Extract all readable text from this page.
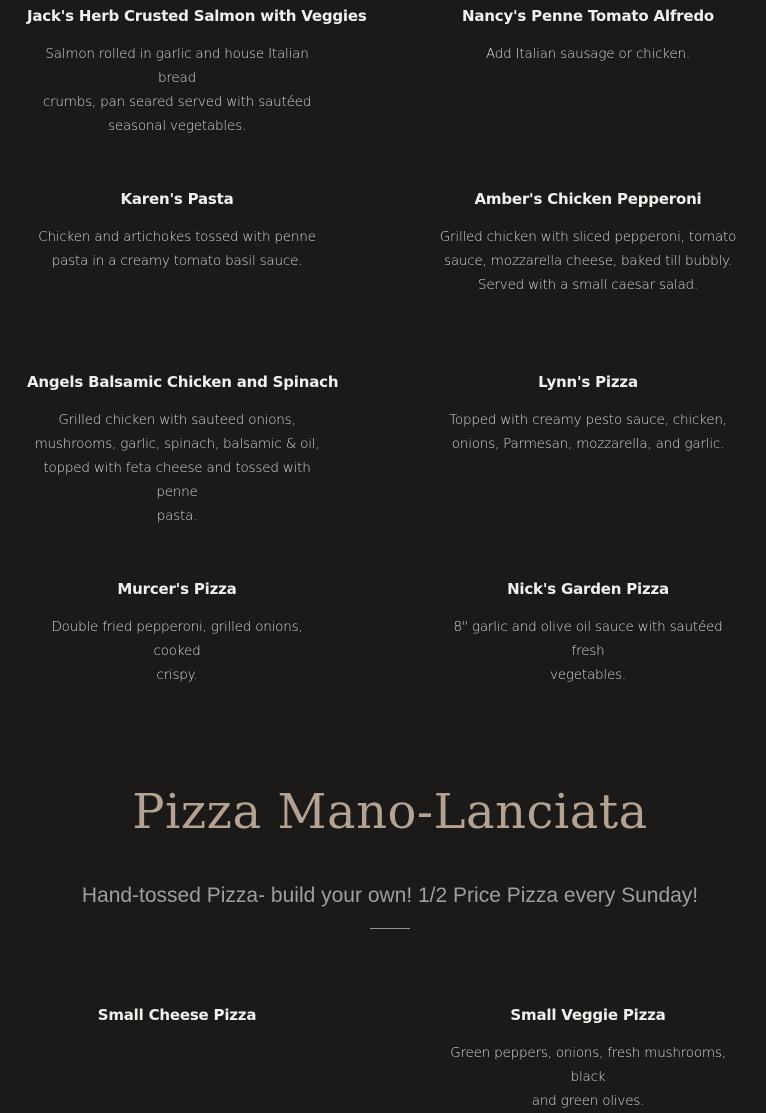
Jack's Herb Crusted Salmon with Veggies

Salmon rolled in garlic and house Italian bread
crumbs, pan seared served with sautéed
seasonal vegetables.

Nancy's Penne Tomato Alfredo

Add Italian sausage or chicken.

Karen's Pasta

Chicken and artichokes tossed with penne
pasta in a creamy tomato basil sauce.

Amber's Chicken Pepperoni

Grilled chicken with sliced pepperoni, tomato
sauce, mozzarella cheese, baked till bubbly.
Served with a small caesar salad.

Angels Balsamic Chicken and Spinach

Grilled chicken with sauteed onions,
mushrooms, garlic, spinach, balsamic & oil,
topped with feta cheese and tossed with penne
pasta.

Lynn's Pizza

Topped with creamy pesto sauce, chicken,
onions, Parmesan, mozzarella, and garlic.

Murcer's Pizza

Double fried pepperoni, grilled onions, cooked
crispy.

Nick's Garden Pizza

8" garlic and olive oil sauce with sautéed fresh
vegetables.

Pizza Mano-Lanciata

Hand-tossed Pizza- build your own! 1/2 Price Pizza every Sunday!

Small Cheese Pizza	Small Veggie Pizza

Green peppers, onions, fresh mushrooms, black
and green olives.
